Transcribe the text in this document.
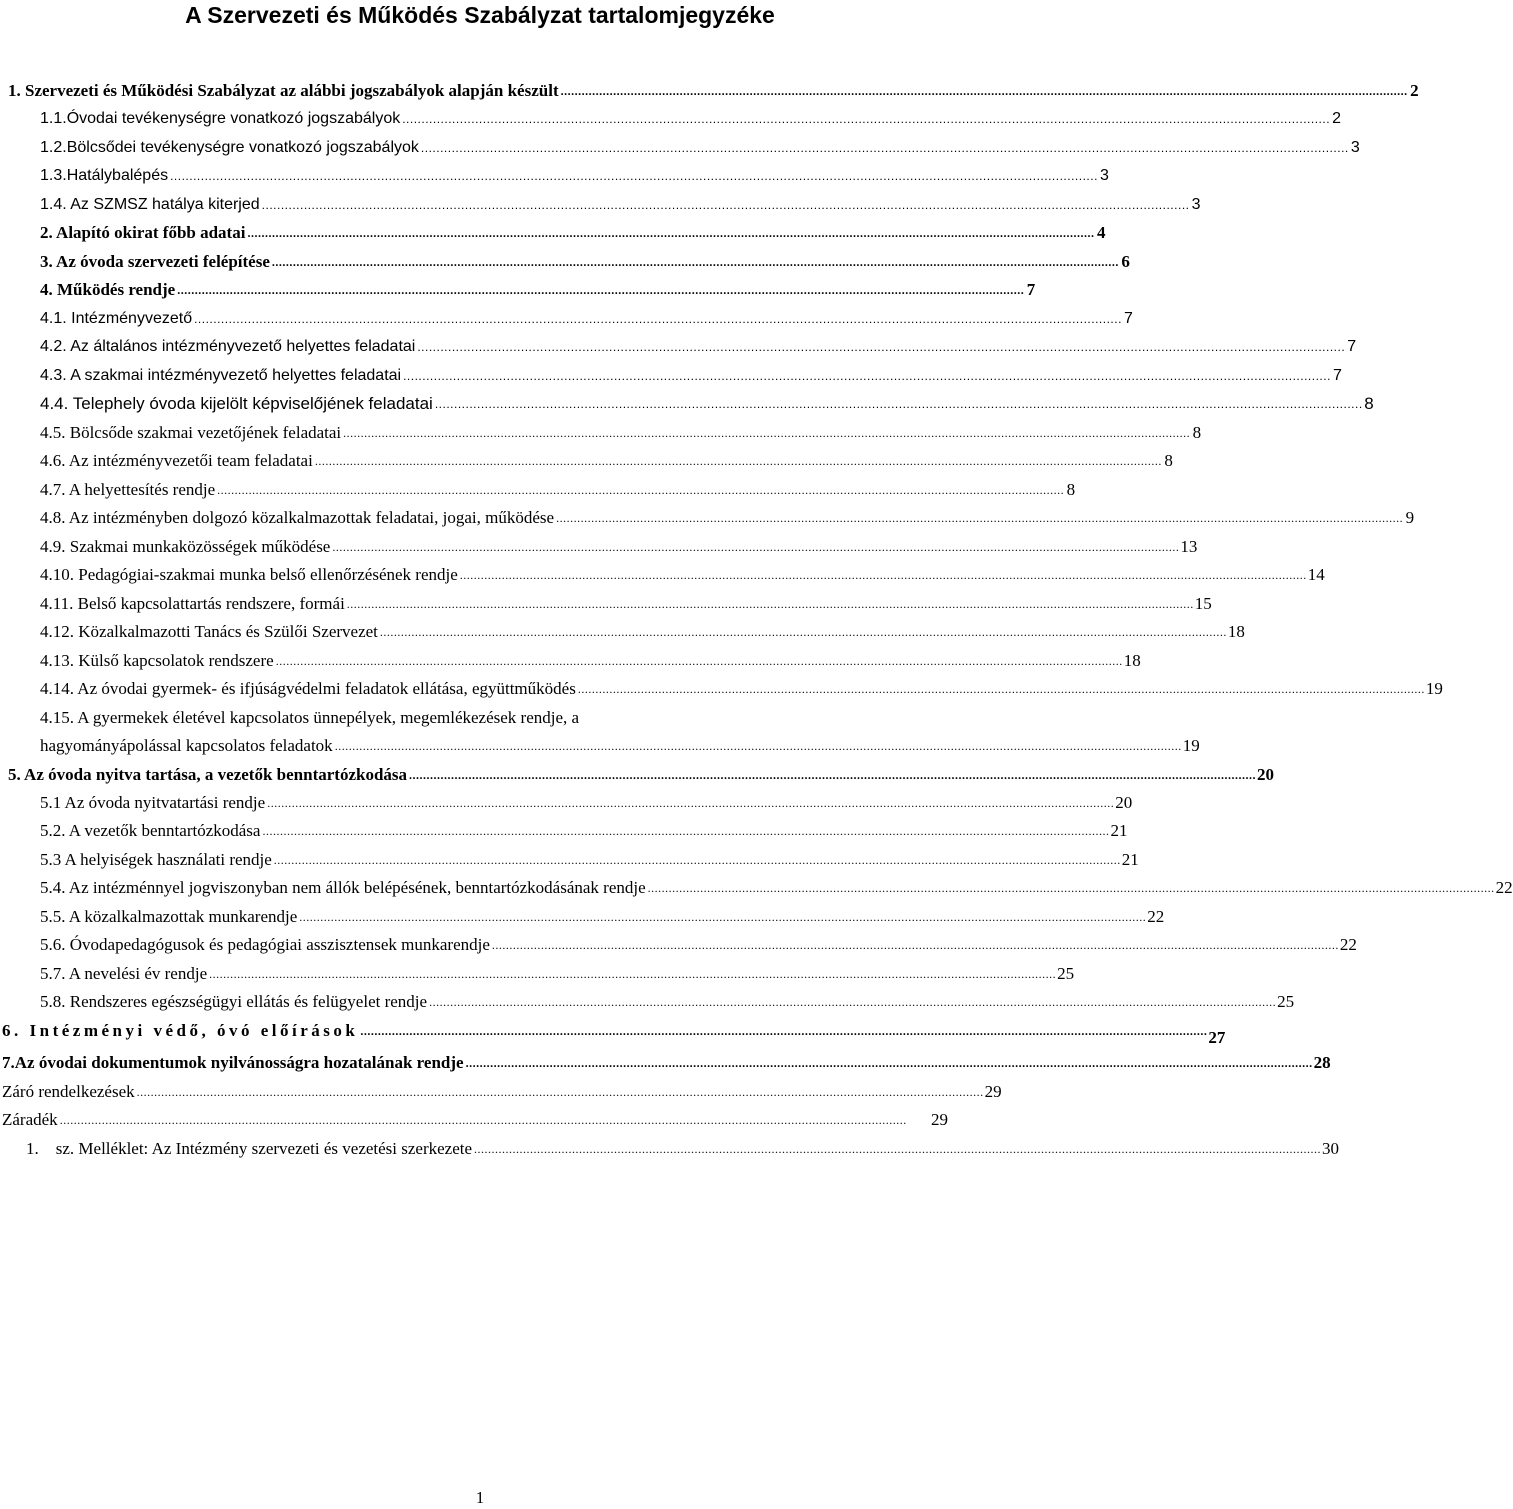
A Szervezeti és Működés Szabályzat tartalomjegyzéke
1. Szervezeti és Működési Szabályzat az alábbi jogszabályok alapján készült .................................................................................................................................................................................................................................................. 2
1.1.Óvodai tevékenységre vonatkozó jogszabályok .................................................................................................................................................................................................................................................. 2
1.2.Bölcsődei tevékenységre vonatkozó jogszabályok .................................................................................................................................................................................................................................................. 3
1.3.Hatálybalépés .................................................................................................................................................................................................................................................. 3
1.4. Az SZMSZ hatálya kiterjed .................................................................................................................................................................................................................................................. 3
2. Alapító okirat főbb adatai .................................................................................................................................................................................................................................................. 4
3. Az óvoda szervezeti felépítése .................................................................................................................................................................................................................................................. 6
4. Működés rendje .................................................................................................................................................................................................................................................. 7
4.1. Intézményvezető .................................................................................................................................................................................................................................................. 7
4.2. Az általános intézményvezető helyettes feladatai .................................................................................................................................................................................................................................................. 7
4.3. A szakmai intézményvezető helyettes feladatai .................................................................................................................................................................................................................................................. 7
4.4. Telephely óvoda kijelölt képviselőjének feladatai .................................................................................................................................................................................................................................................. 8
4.5. Bölcsőde szakmai vezetőjének feladatai .................................................................................................................................................................................................................................................. 8
4.6. Az intézményvezetői team feladatai .................................................................................................................................................................................................................................................. 8
4.7. A helyettesítés rendje .................................................................................................................................................................................................................................................. 8
4.8. Az intézményben dolgozó közalkalmazottak feladatai, jogai, működése .................................................................................................................................................................................................................................................. 9
4.9. Szakmai munkaközösségek működése .................................................................................................................................................................................................................................................. 13
4.10. Pedagógiai-szakmai munka belső ellenőrzésének rendje .................................................................................................................................................................................................................................................. 14
4.11. Belső kapcsolattartás rendszere, formái .................................................................................................................................................................................................................................................. 15
4.12. Közalkalmazotti Tanács és Szülői Szervezet .................................................................................................................................................................................................................................................. 18
4.13. Külső kapcsolatok rendszere .................................................................................................................................................................................................................................................. 18
4.14. Az óvodai gyermek- és ifjúságvédelmi feladatok ellátása, együttműködés .................................................................................................................................................................................................................................................. 19
4.15. A gyermekek életével kapcsolatos ünnepélyek, megemlékezések rendje, a
hagyományápolással kapcsolatos feladatok .................................................................................................................................................................................................................................................. 19
5. Az óvoda nyitva tartása, a vezetők benntartózkodása .................................................................................................................................................................................................................................................. 20
5.1 Az óvoda nyitvatartási rendje .................................................................................................................................................................................................................................................. 20
5.2. A vezetők benntartózkodása .................................................................................................................................................................................................................................................. 21
5.3 A helyiségek használati rendje .................................................................................................................................................................................................................................................. 21
5.4. Az intézménnyel jogviszonyban nem állók belépésének, benntartózkodásának rendje .................................................................................................................................................................................................................................................. 22
5.5. A közalkalmazottak munkarendje .................................................................................................................................................................................................................................................. 22
5.6. Óvodapedagógusok és pedagógiai asszisztensek munkarendje .................................................................................................................................................................................................................................................. 22
5.7. A nevelési év rendje .................................................................................................................................................................................................................................................. 25
5.8. Rendszeres egészségügyi ellátás és felügyelet rendje .................................................................................................................................................................................................................................................. 25
6. Intézményi védő, óvó előírások .................................................................................................................................................................................................................................................. 27
7.Az óvodai dokumentumok nyilvánosságra hozatalának rendje .................................................................................................................................................................................................................................................. 28
Záró rendelkezések .................................................................................................................................................................................................................................................. 29
Záradék ..................................................................................................................................................................................................................................................	29
1.    sz. Melléklet: Az Intézmény szervezeti és vezetési szerkezete .................................................................................................................................................................................................................................................. 30
1
